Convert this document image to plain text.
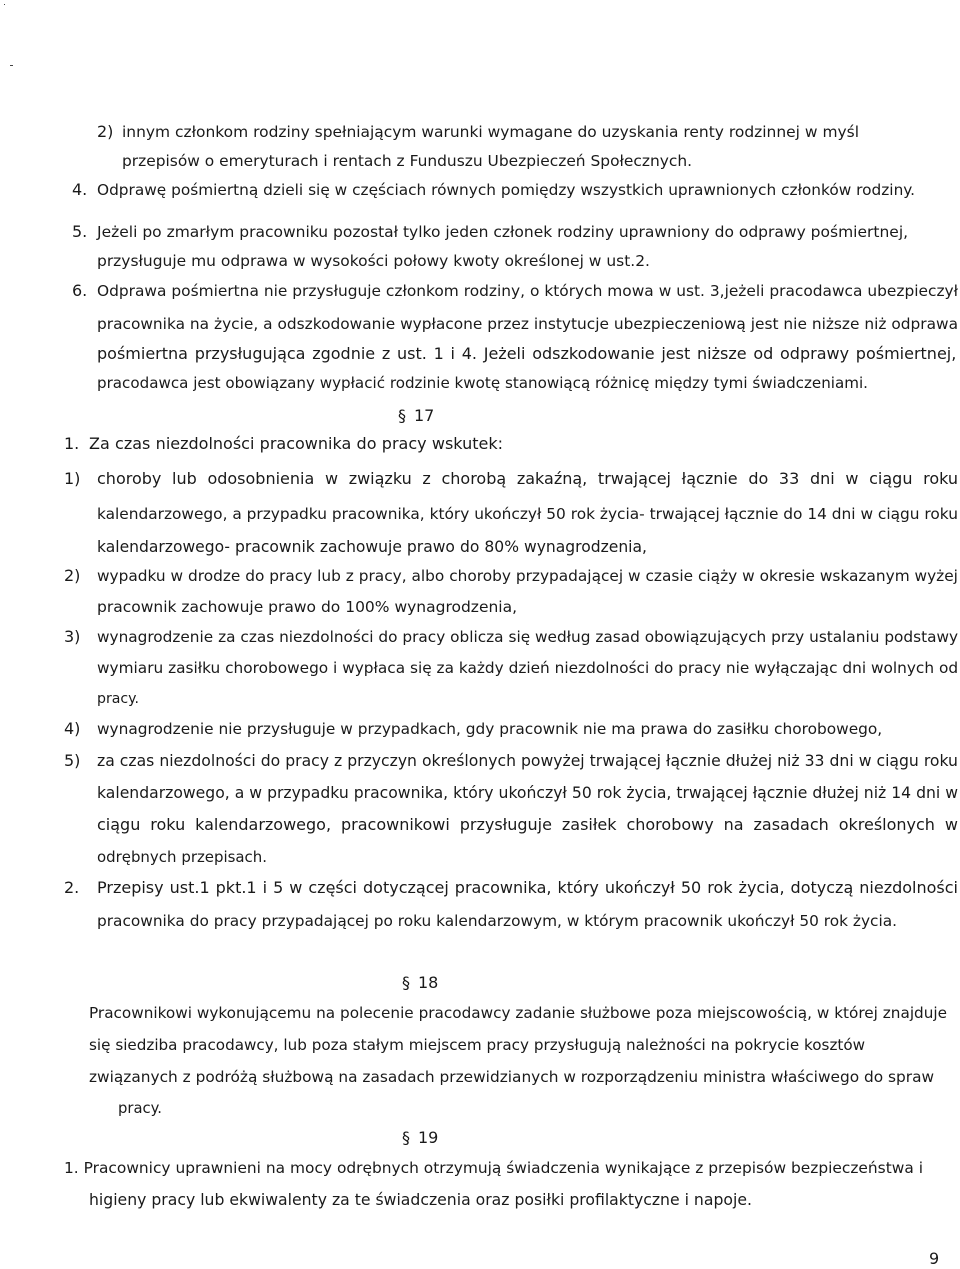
2) innym członkom rodziny spełniającym warunki wymagane do uzyskania renty rodzinnej w myśl
przepisów o emeryturach i rentach z Funduszu Ubezpieczeń Społecznych.
4. Odprawę pośmiertną dzieli się w częściach równych pomiędzy wszystkich uprawnionych członków rodziny.
5. Jeżeli po zmarłym pracowniku pozostał tylko jeden członek rodziny uprawniony do odprawy pośmiertnej,
przysługuje mu odprawa w wysokości połowy kwoty określonej w ust.2.
6. Odprawa pośmiertna nie przysługuje członkom rodziny, o których mowa w ust. 3,jeżeli pracodawca ubezpieczył
pracownika na życie, a odszkodowanie wypłacone przez instytucje ubezpieczeniową jest nie niższe niż odprawa
pośmiertna przysługująca zgodnie z ust. 1 i 4. Jeżeli odszkodowanie jest niższe od odprawy pośmiertnej,
pracodawca jest obowiązany wypłacić rodzinie kwotę stanowiącą różnicę między tymi świadczeniami.
§ 17
1. Za czas niezdolności pracownika do pracy wskutek:
1) choroby lub odosobnienia w związku z chorobą zakaźną, trwającej łącznie do 33 dni w ciągu roku
kalendarzowego, a przypadku pracownika, który ukończył 50 rok życia- trwającej łącznie do 14 dni w ciągu roku
kalendarzowego- pracownik zachowuje prawo do 80% wynagrodzenia,
2) wypadku w drodze do pracy lub z pracy, albo choroby przypadającej w czasie ciąży w okresie wskazanym wyżej
pracownik zachowuje prawo do 100% wynagrodzenia,
3) wynagrodzenie za czas niezdolności do pracy oblicza się według zasad obowiązujących przy ustalaniu podstawy
wymiaru zasiłku chorobowego i wypłaca się za każdy dzień niezdolności do pracy nie wyłączając dni wolnych od
pracy.
4) wynagrodzenie nie przysługuje w przypadkach, gdy pracownik nie ma prawa do zasiłku chorobowego,
5) za czas niezdolności do pracy z przyczyn określonych powyżej trwającej łącznie dłużej niż 33 dni w ciągu roku
kalendarzowego, a w przypadku pracownika, który ukończył 50 rok życia, trwającej łącznie dłużej niż 14 dni w
ciągu roku kalendarzowego, pracownikowi przysługuje zasiłek chorobowy na zasadach określonych w
odrębnych przepisach.
2. Przepisy ust.1 pkt.1 i 5 w części dotyczącej pracownika, który ukończył 50 rok życia, dotyczą niezdolności
pracownika do pracy przypadającej po roku kalendarzowym, w którym pracownik ukończył 50 rok życia.
§ 18
Pracownikowi wykonującemu na polecenie pracodawcy zadanie służbowe poza miejscowością, w której znajduje
się siedziba pracodawcy, lub poza stałym miejscem pracy przysługują należności na pokrycie kosztów
związanych z podróżą służbową na zasadach przewidzianych w rozporządzeniu ministra właściwego do spraw
pracy.
§ 19
1. Pracownicy uprawnieni na mocy odrębnych otrzymują świadczenia wynikające z przepisów bezpieczeństwa i
higieny pracy lub ekwiwalenty za te świadczenia oraz posiłki profilaktyczne i napoje.
9
